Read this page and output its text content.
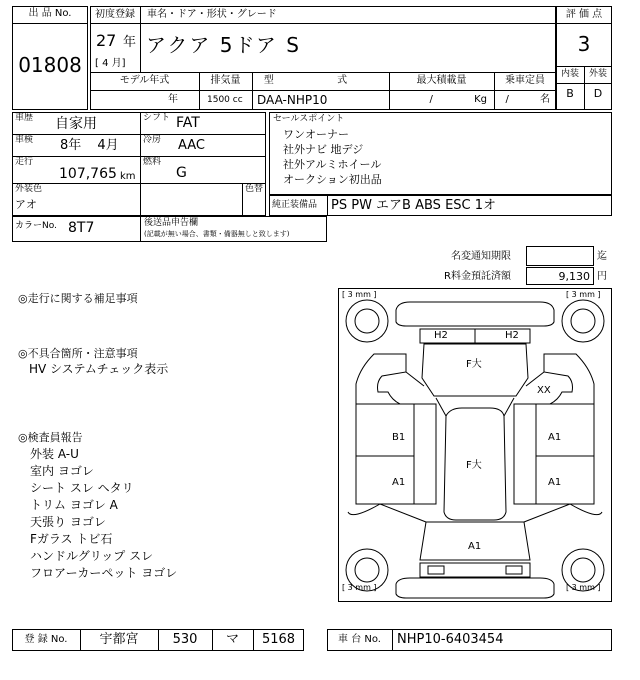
出 品 No.
01808
初度登録
27 年
[ 4 月]
車名・ドア・形状・グレード
アクア 5ドア S
モデル年式
年
排気量
1500 cc
型 式
DAA-NHP10
最大積載量
/ Kg
乗車定員
/ 名
評 価 点
3
内装	外装
B	D
車歴 自家用	シフト FAT
車検 8年 4月	冷房 AAC
走行
107,765 km
燃料
G
外装色
アオ
色替
セールスポイント
ワンオーナー
社外ナビ 地デジ
社外アルミホイール
オークション初出品
純正装備品 PS PW エアB ABS ESC 1オ
カラーNo. 8T7	後送品申告欄
(記載が無い場合、書類・備器無しと致します)
名変通知期限	迄
R料金預託済額	9,130 円
◎走行に関する補足事項
◎不具合箇所・注意事項
HV システムチェック表示
◎検査員報告
外装 A-U
室内 ヨゴレ
シート スレ ヘタリ
トリム ヨゴレ A
天張り ヨゴレ
Fガラス トビ石
ハンドルグリップ スレ
フロアーカーペット ヨゴレ
[ 3 mm ]	[ 3 mm ]
[ 3 mm ]	[ 3 mm ]
H2	H2
F大
XX
B1	A1
F大
A1	A1
A1
登 録 No.	宇都宮	530	マ	5168	車 台 No.	NHP10-6403454
